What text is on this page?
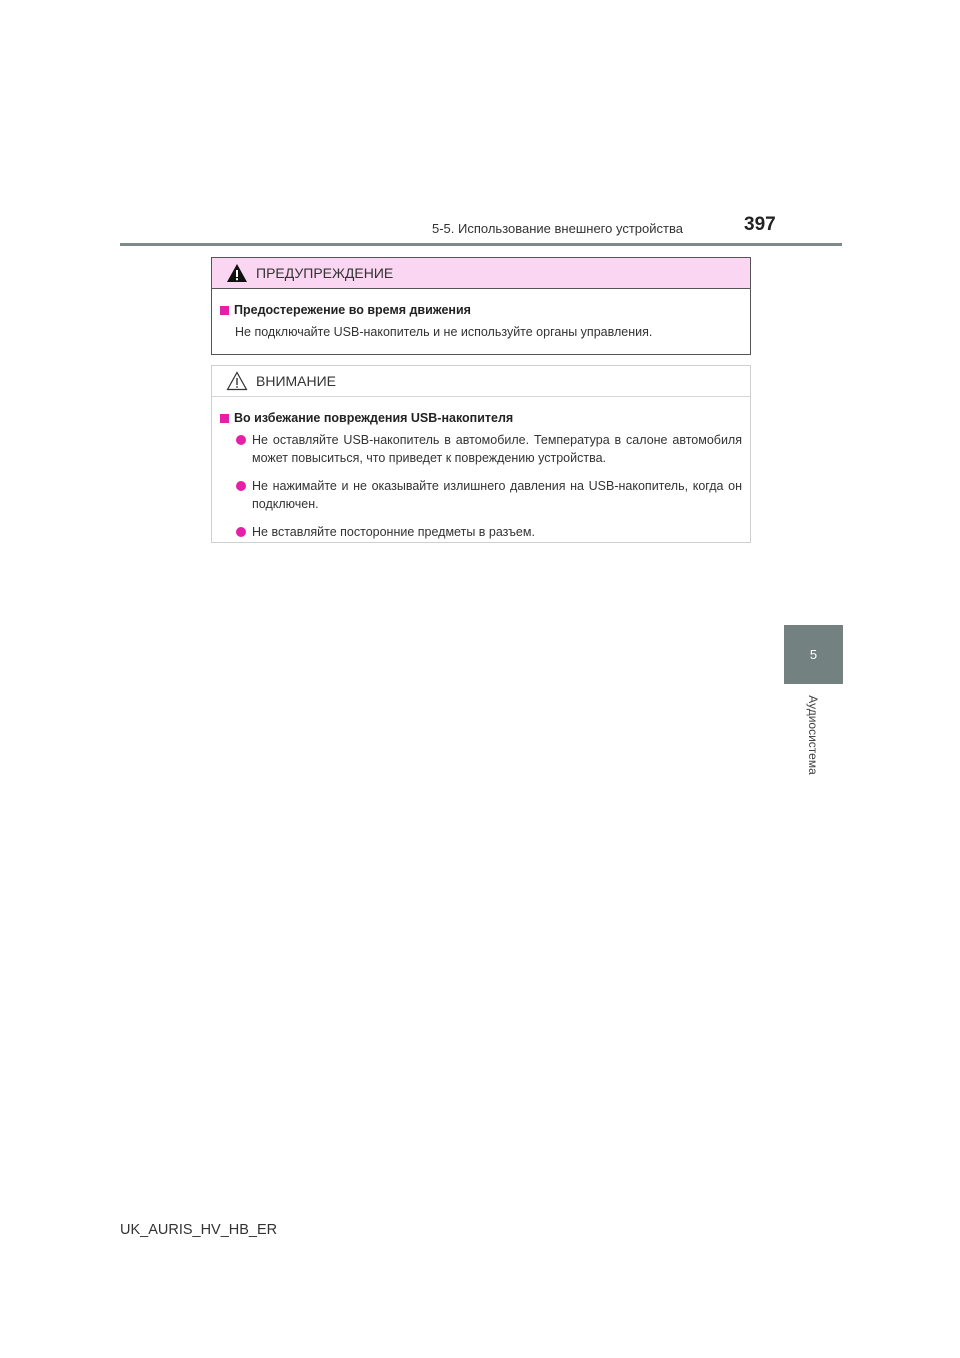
5-5. Использование внешнего устройства	397
5
Аудиосистема
ПРЕДУПРЕЖДЕНИЕ
Предостережение во время движения
Не подключайте USB-накопитель и не используйте органы управления.
ВНИМАНИЕ
Во избежание повреждения USB-накопителя
Не оставляйте USB-накопитель в автомобиле. Температура в салоне автомобиля может повыситься, что приведет к повреждению устройства.
Не нажимайте и не оказывайте излишнего давления на USB-накопитель, когда он подключен.
Не вставляйте посторонние предметы в разъем.
UK_AURIS_HV_HB_ER
